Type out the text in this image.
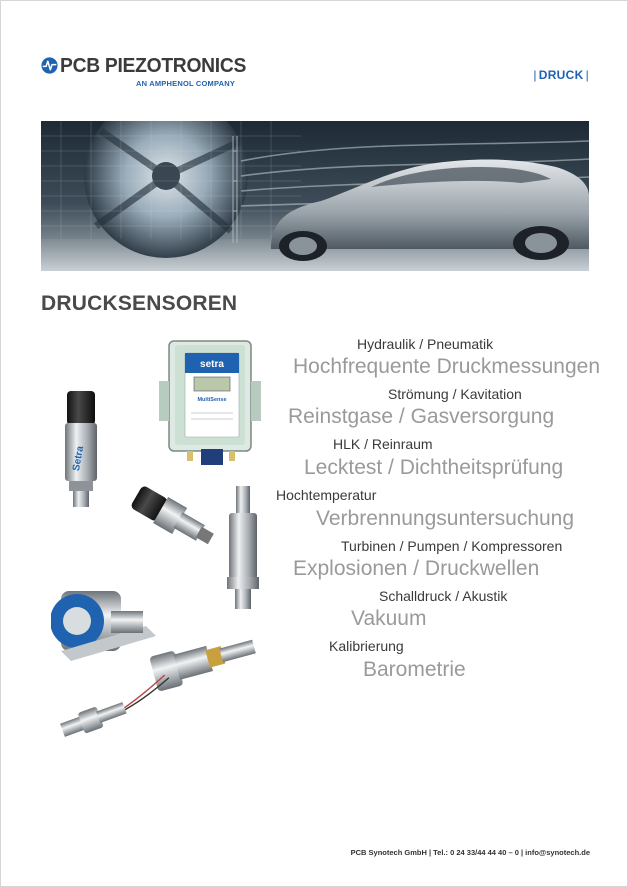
PCB PIEZOTRONICS
AN AMPHENOL COMPANY
| DRUCK |
DRUCKSENSOREN
Hydraulik / Pneumatik
Hochfrequente Druckmessungen
Strömung / Kavitation
Reinstgase / Gasversorgung
HLK / Reinraum
Lecktest / Dichtheitsprüfung
Hochtemperatur
Verbrennungsuntersuchung
Turbinen / Pumpen / Kompressoren
Explosionen / Druckwellen
Schalldruck / Akustik
Vakuum
Kalibrierung
Barometrie
setra
MultiSense
Setra
PCB Synotech GmbH | Tel.: 0 24 33/44 44 40 – 0 | info@synotech.de
